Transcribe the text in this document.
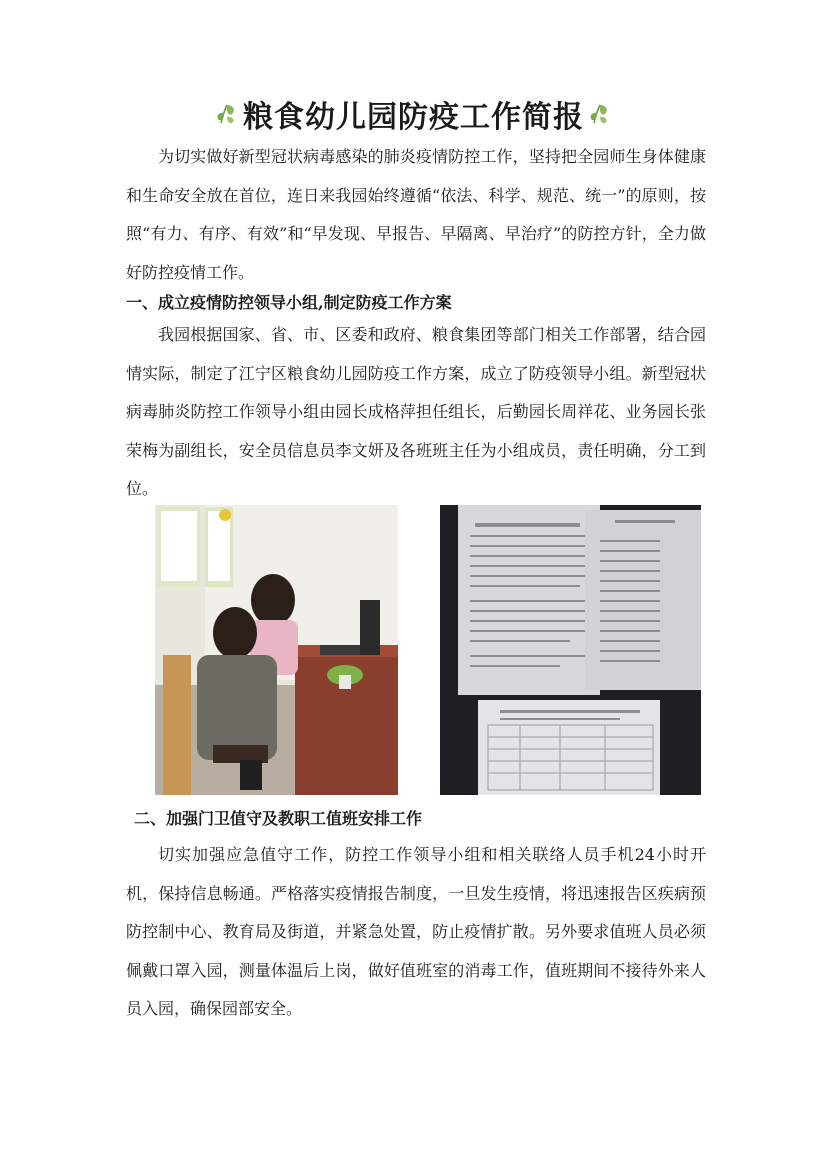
粮食幼儿园防疫工作简报

为切实做好新型冠状病毒感染的肺炎疫情防控工作，坚持把全园师生身体健康和生命安全放在首位，连日来我园始终遵循“依法、科学、规范、统一”的原则，按照“有力、有序、有效”和“早发现、早报告、早隔离、早治疗”的防控方针，全力做好防控疫情工作。

一、成立疫情防控领导小组,制定防疫工作方案

我园根据国家、省、市、区委和政府、粮食集团等部门相关工作部署，结合园情实际，制定了江宁区粮食幼儿园防疫工作方案，成立了防疫领导小组。新型冠状病毒肺炎防控工作领导小组由园长成格萍担任组长，后勤园长周祥花、业务园长张荣梅为副组长，安全员信息员李文妍及各班班主任为小组成员，责任明确，分工到位。

二、加强门卫值守及教职工值班安排工作

切实加强应急值守工作，防控工作领导小组和相关联络人员手机24小时开机，保持信息畅通。严格落实疫情报告制度，一旦发生疫情，将迅速报告区疾病预防控制中心、教育局及街道，并紧急处置，防止疫情扩散。另外要求值班人员必须佩戴口罩入园，测量体温后上岗，做好值班室的消毒工作，值班期间不接待外来人员入园，确保园部安全。
